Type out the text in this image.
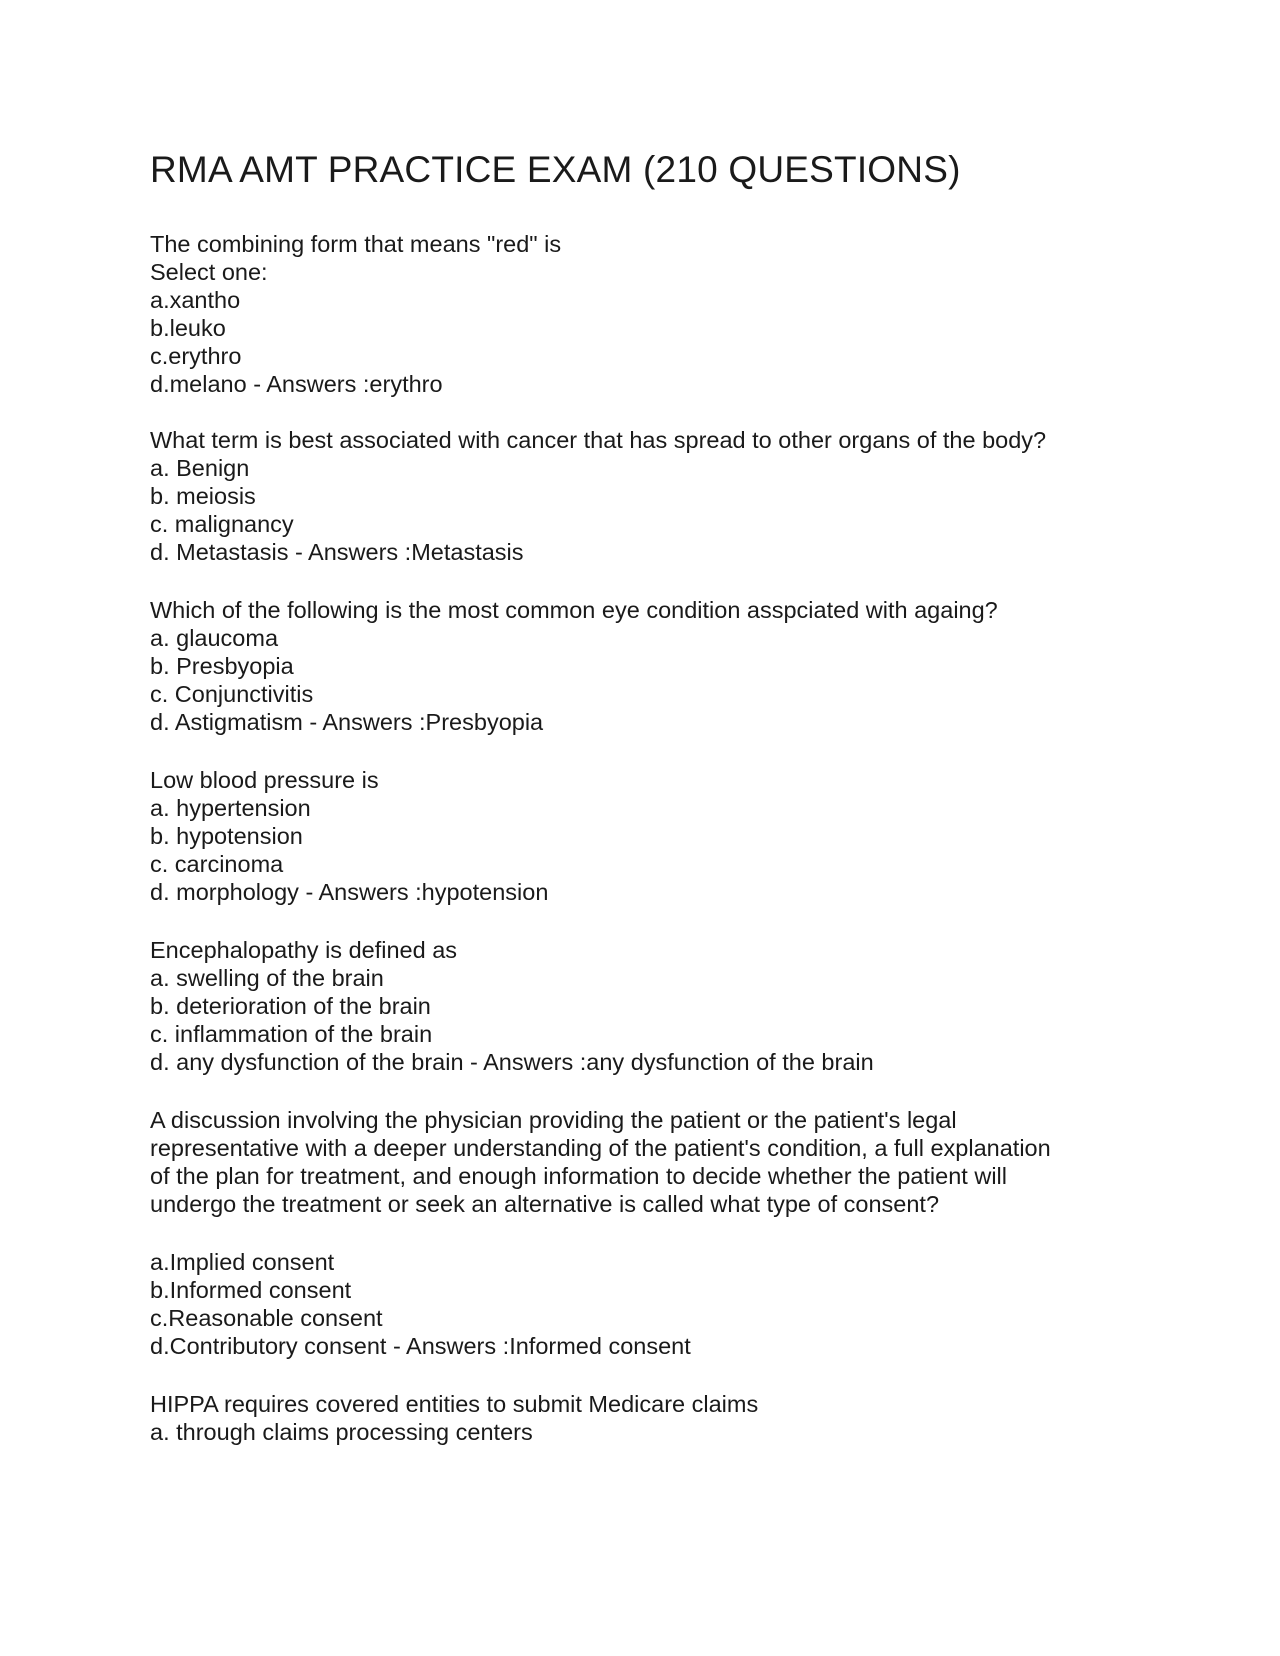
RMA AMT PRACTICE EXAM (210 QUESTIONS)

The combining form that means "red" is

Select one:

a.xantho

b.leuko

c.erythro

d.melano - Answers :erythro

What term is best associated with cancer that has spread to other organs of the body?

a. Benign

b. meiosis

c. malignancy

d. Metastasis - Answers :Metastasis

Which of the following is the most common eye condition asspciated with againg?

a. glaucoma

b. Presbyopia

c. Conjunctivitis

d. Astigmatism - Answers :Presbyopia

Low blood pressure is

a. hypertension

b. hypotension

c. carcinoma

d. morphology - Answers :hypotension

Encephalopathy is defined as

a. swelling of the brain

b. deterioration of the brain

c. inflammation of the brain

d. any dysfunction of the brain - Answers :any dysfunction of the brain

A discussion involving the physician providing the patient or the patient's legal

representative with a deeper understanding of the patient's condition, a full explanation

of the plan for treatment, and enough information to decide whether the patient will

undergo the treatment or seek an alternative is called what type of consent?

a.Implied consent

b.Informed consent

c.Reasonable consent

d.Contributory consent - Answers :Informed consent

HIPPA requires covered entities to submit Medicare claims

a. through claims processing centers
